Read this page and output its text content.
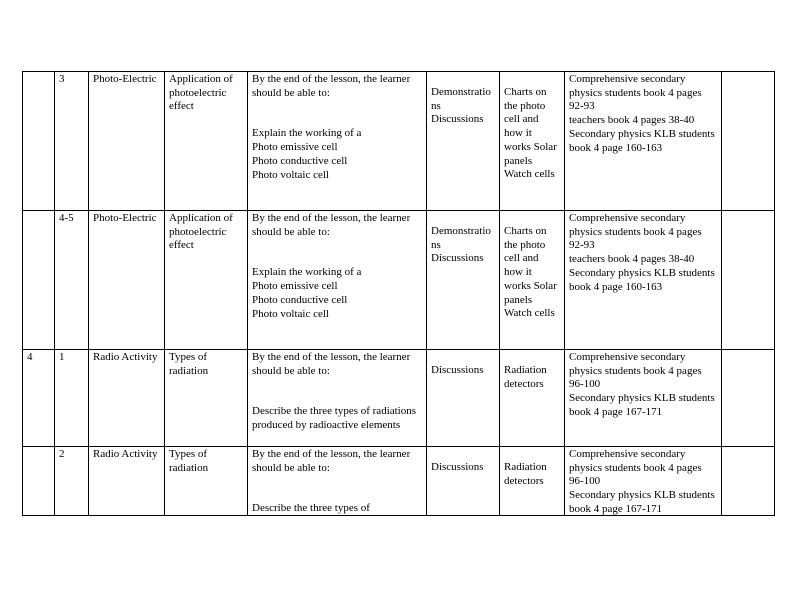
	3	Photo-Electric	Application of photoelectric effect	By the end of the lesson, the learner should be able to:
Explain the working of a
Photo emissive cell
Photo conductive cell
Photo voltaic cell	Demonstrations Discussions	Charts on the photo cell and how it works Solar panels Watch cells	Comprehensive secondary physics students book 4 pages 92-93
teachers book 4 pages 38-40
Secondary physics KLB students book 4 page 160-163	

	4-5	Photo-Electric	Application of photoelectric effect	By the end of the lesson, the learner should be able to:
Explain the working of a
Photo emissive cell
Photo conductive cell
Photo voltaic cell	Demonstrations Discussions	Charts on the photo cell and how it works Solar panels Watch cells	Comprehensive secondary physics students book 4 pages 92-93
teachers book 4 pages 38-40
Secondary physics KLB students book 4 page 160-163	

4	1	Radio Activity	Types of radiation	By the end of the lesson, the learner should be able to:
Describe the three types of radiations produced by radioactive elements	Discussions	Radiation detectors	Comprehensive secondary physics students book 4 pages 96-100
Secondary physics KLB students book 4 page 167-171	

	2	Radio Activity	Types of radiation	By the end of the lesson, the learner should be able to:
Describe the three types of	Discussions	Radiation detectors	Comprehensive secondary physics students book 4 pages 96-100
Secondary physics KLB students book 4 page 167-171	
